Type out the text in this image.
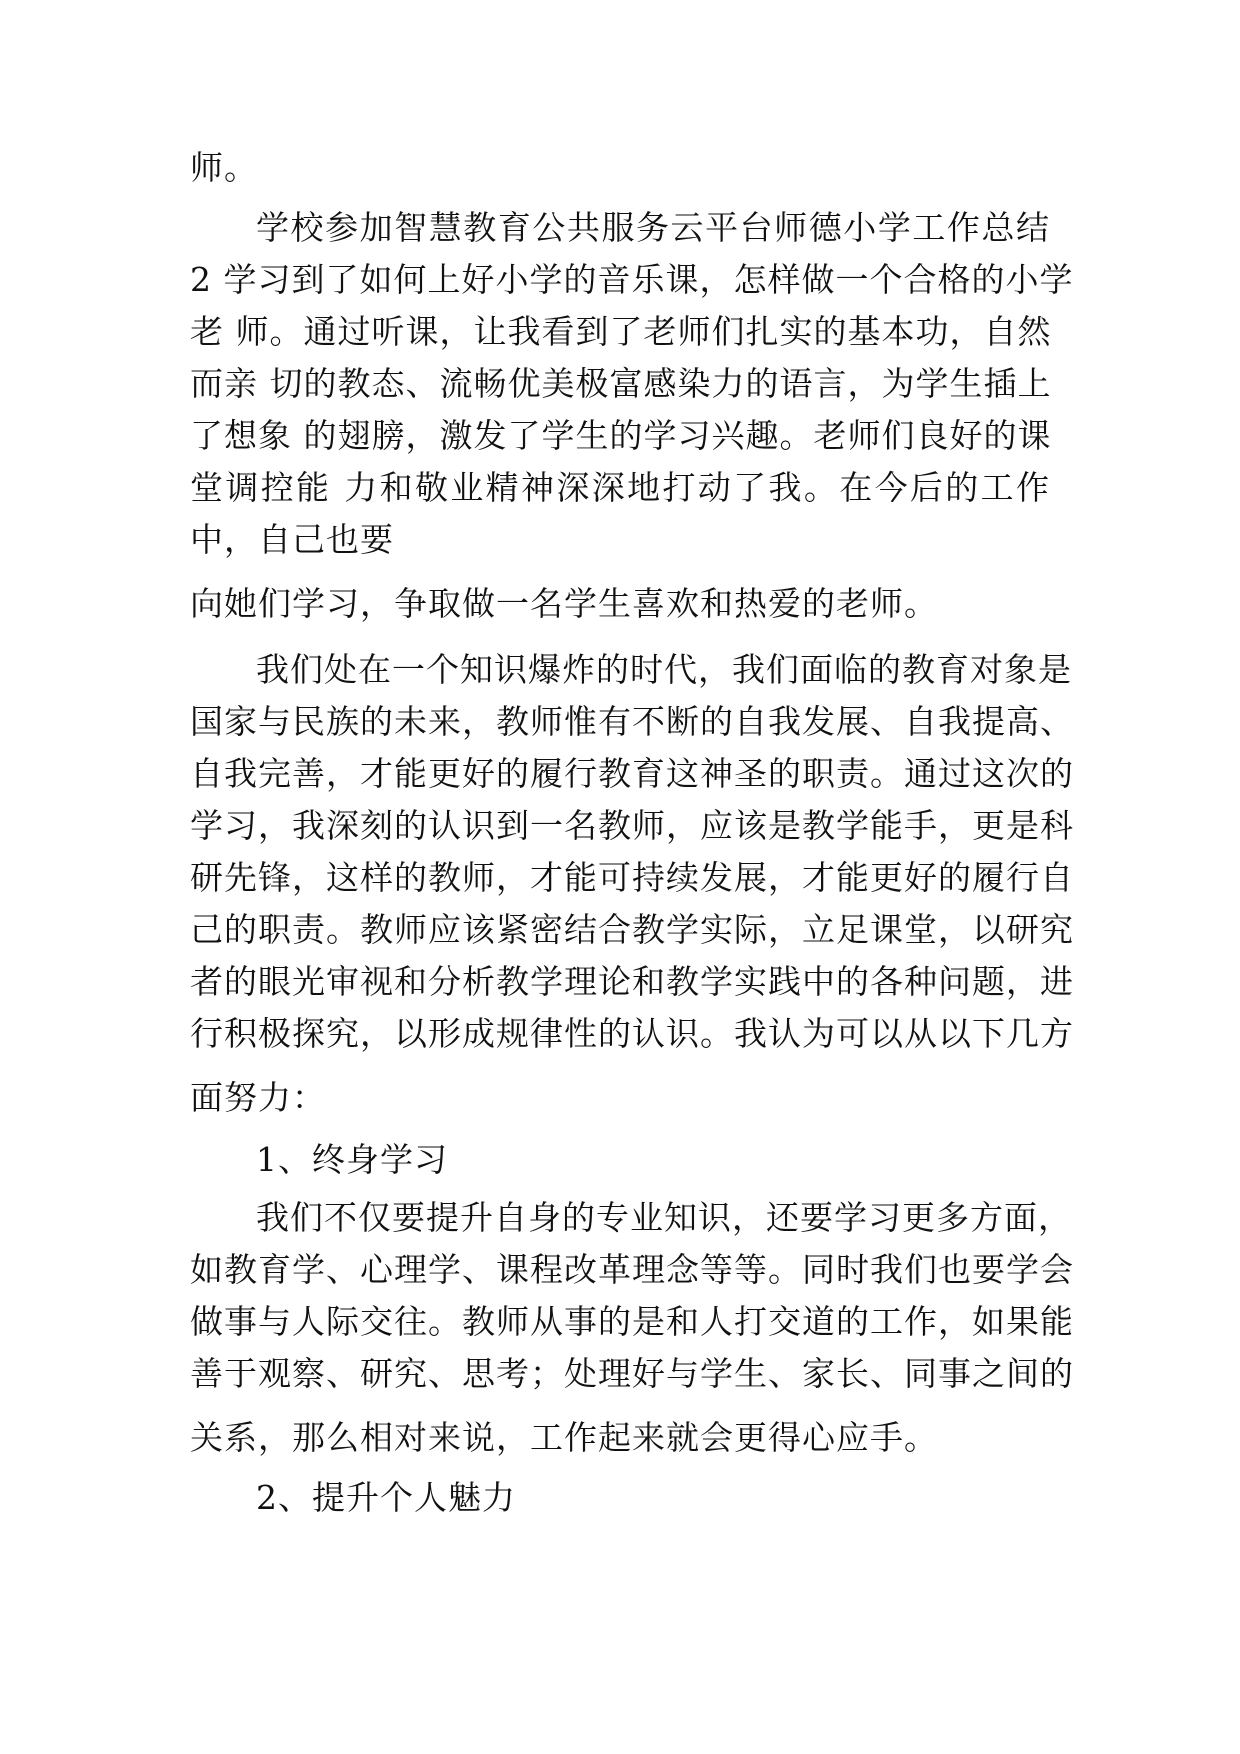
师。

学校参加智慧教育公共服务云平台师德小学工作总结

2 学习到了如何上好小学的音乐课，怎样做一个合格的小学

老 师。通过听课，让我看到了老师们扎实的基本功，自然

而亲 切的教态、流畅优美极富感染力的语言，为学生插上

了想象 的翅膀，激发了学生的学习兴趣。老师们良好的课

堂调控能 力和敬业精神深深地打动了我。在今后的工作

中，自己也要

向她们学习，争取做一名学生喜欢和热爱的老师。

我们处在一个知识爆炸的时代，我们面临的教育对象是

国家与民族的未来，教师惟有不断的自我发展、自我提高、

自我完善，才能更好的履行教育这神圣的职责。通过这次的

学习，我深刻的认识到一名教师，应该是教学能手，更是科

研先锋，这样的教师，才能可持续发展，才能更好的履行自

己的职责。教师应该紧密结合教学实际，立足课堂，以研究

者的眼光审视和分析教学理论和教学实践中的各种问题，进

行积极探究，以形成规律性的认识。我认为可以从以下几方

面努力：

1、终身学习

我们不仅要提升自身的专业知识，还要学习更多方面，

如教育学、心理学、课程改革理念等等。同时我们也要学会

做事与人际交往。教师从事的是和人打交道的工作，如果能

善于观察、研究、思考；处理好与学生、家长、同事之间的

关系，那么相对来说，工作起来就会更得心应手。

2、提升个人魅力
